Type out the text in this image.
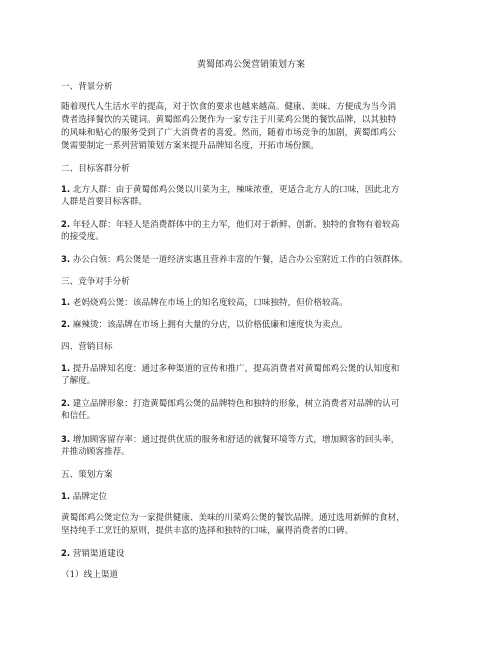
黄蜀郎鸡公煲营销策划方案
一、背景分析
随着现代人生活水平的提高，对于饮食的要求也越来越高。健康、美味、方便成为当今消
费者选择餐饮的关键词。黄蜀郎鸡公煲作为一家专注于川菜鸡公煲的餐饮品牌，以其独特
的风味和贴心的服务受到了广大消费者的喜爱。然而，随着市场竞争的加剧，黄蜀郎鸡公
煲需要制定一系列营销策划方案来提升品牌知名度，开拓市场份额。
二、目标客群分析
1. 北方人群：由于黄蜀郎鸡公煲以川菜为主，辣味浓重，更适合北方人的口味，因此北方
人群是首要目标客群。
2. 年轻人群：年轻人是消费群体中的主力军，他们对于新鲜、创新、独特的食物有着较高
的接受度。
3. 办公白领：鸡公煲是一道经济实惠且营养丰富的午餐，适合办公室附近工作的白领群体。
三、竞争对手分析
1. 老妈烧鸡公煲：该品牌在市场上的知名度较高，口味独特，但价格较高。
2. 麻辣烫：该品牌在市场上拥有大量的分店，以价格低廉和速度快为卖点。
四、营销目标
1. 提升品牌知名度：通过多种渠道的宣传和推广，提高消费者对黄蜀郎鸡公煲的认知度和
了解度。
2. 建立品牌形象：打造黄蜀郎鸡公煲的品牌特色和独特的形象，树立消费者对品牌的认可
和信任。
3. 增加顾客留存率：通过提供优质的服务和舒适的就餐环境等方式，增加顾客的回头率，
并推动顾客推荐。
五、策划方案
1. 品牌定位
黄蜀郎鸡公煲定位为一家提供健康、美味的川菜鸡公煲的餐饮品牌。通过选用新鲜的食材，
坚持纯手工烹饪的原则，提供丰富的选择和独特的口味，赢得消费者的口碑。
2. 营销渠道建设
（1）线上渠道
